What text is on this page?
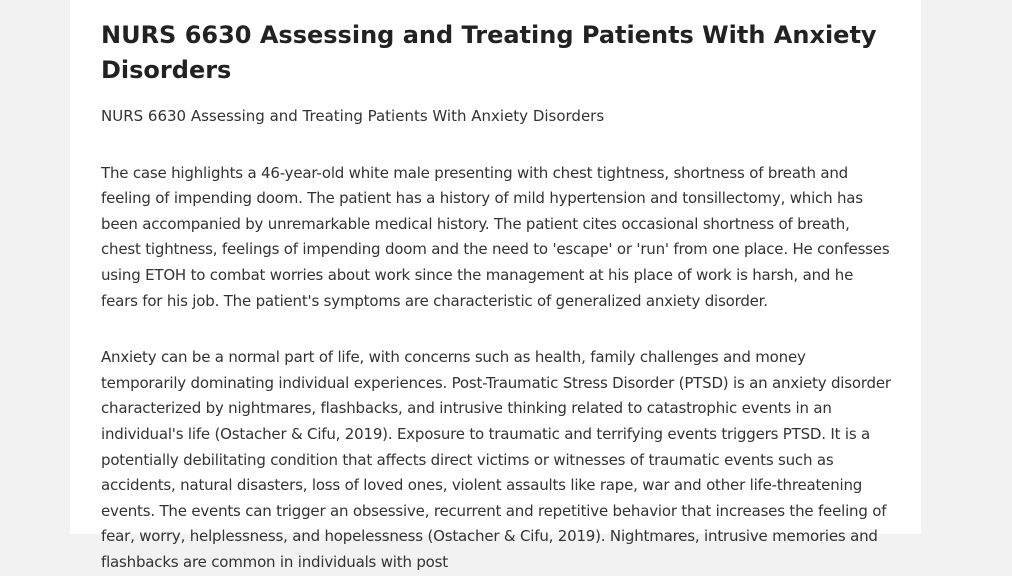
NURS 6630 Assessing and Treating Patients With Anxiety Disorders

NURS 6630 Assessing and Treating Patients With Anxiety Disorders

The case highlights a 46-year-old white male presenting with chest tightness, shortness of breath and feeling of impending doom. The patient has a history of mild hypertension and tonsillectomy, which has been accompanied by unremarkable medical history. The patient cites occasional shortness of breath, chest tightness, feelings of impending doom and the need to 'escape' or 'run' from one place. He confesses using ETOH to combat worries about work since the management at his place of work is harsh, and he fears for his job. The patient's symptoms are characteristic of generalized anxiety disorder.

Anxiety can be a normal part of life, with concerns such as health, family challenges and money temporarily dominating individual experiences. Post-Traumatic Stress Disorder (PTSD) is an anxiety disorder characterized by nightmares, flashbacks, and intrusive thinking related to catastrophic events in an individual's life (Ostacher & Cifu, 2019). Exposure to traumatic and terrifying events triggers PTSD. It is a potentially debilitating condition that affects direct victims or witnesses of traumatic events such as accidents, natural disasters, loss of loved ones, violent assaults like rape, war and other life-threatening events. The events can trigger an obsessive, recurrent and repetitive behavior that increases the feeling of fear, worry, helplessness, and hopelessness (Ostacher & Cifu, 2019). Nightmares, intrusive memories and flashbacks are common in individuals with post
